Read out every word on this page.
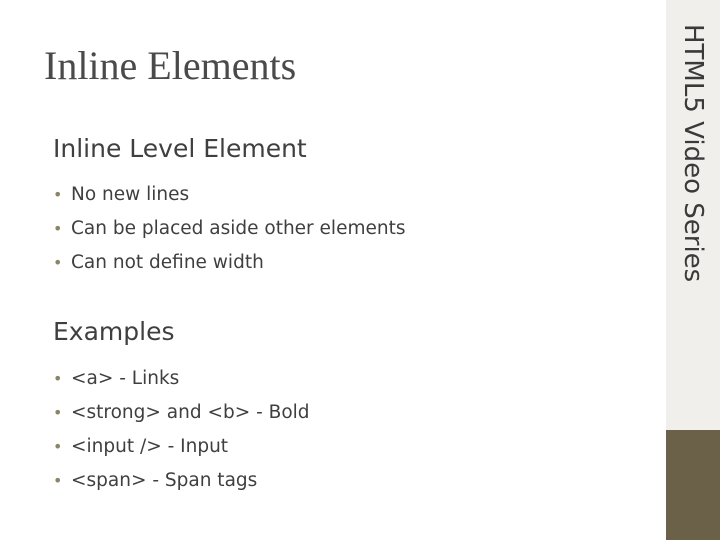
Inline Elements
Inline Level Element
• No new lines
• Can be placed aside other elements
• Can not define width
Examples
• <a> - Links
• <strong> and <b> - Bold
• <input /> - Input
• <span> - Span tags
HTML5 Video Series
